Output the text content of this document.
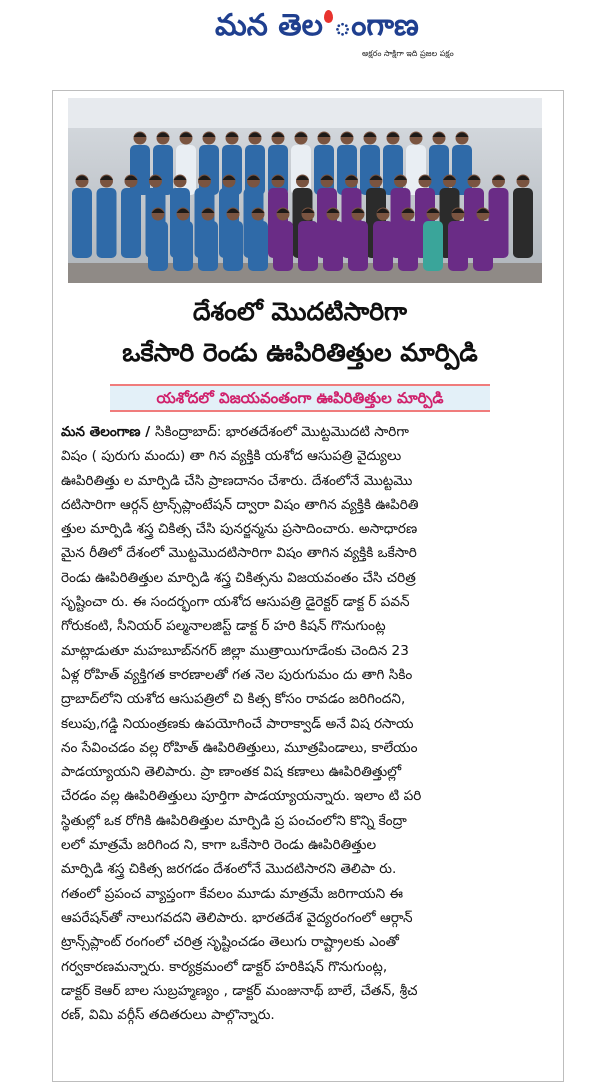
మన తెల ంగాణ
అక్షరం సాక్షిగా ఇది ప్రజల పక్షం
దేశంలో మొదటిసారిగా
ఒకేసారి రెండు ఊపిరితిత్తుల మార్పిడి
యశోదలో విజయవంతంగా ఊపిరితిత్తుల మార్పిడి
మన తెలంగాణ / సికింద్రాబాద్: భారతదేశంలో మొట్టమొదటి సారిగా
విషం ( పురుగు మందు) తా గిన వ్యక్తికి యశోద ఆసుపత్రి వైద్యులు
ఊపిరితిత్తు ల మార్పిడి చేసి ప్రాణదానం చేశారు. దేశంలోనే మొట్టమొ
దటిసారిగా ఆర్గన్ ట్రాన్స్‌ప్లాంటేషన్ ద్వారా విషం తాగిన వ్యక్తికి ఊపిరితి
త్తుల మార్పిడి శస్త్ర చికిత్స చేసి పునర్జన్మను ప్రసాదించారు. అసాధారణ
మైన రీతిలో దేశంలో మొట్టమొదటిసారిగా విషం తాగిన వ్యక్తికి ఒకేసారి
రెండు ఊపిరితిత్తుల మార్పిడి శస్త్ర చికిత్సను విజయవంతం చేసి చరిత్ర
సృష్టించా రు. ఈ సందర్భంగా యశోద ఆసుపత్రి డైరెక్టర్ డాక్ట ర్ పవన్
గోరుకంటి, సీనియర్ పల్మనాలజిస్ట్ డాక్ట ర్ హరి కిషన్ గొనుగుంట్ల
మాట్లాడుతూ మహబూబ్‌నగర్ జిల్లా ముత్రాయిగూడేంకు చెందిన 23
ఏళ్ల రోహిత్ వ్యక్తిగత కారణాలతో గత నెల పురుగుమం దు తాగి సికిం
ద్రాబాద్‌లోని యశోద ఆసుపత్రిలో చి కిత్స కోసం రావడం జరిగిందని,
కలుపు,గడ్డి నియంత్రణకు ఉపయోగించే పారాక్వాడ్ అనే విష రసాయ
నం సేవించడం వల్ల రోహిత్ ఊపిరితిత్తులు, మూత్రపిండాలు, కాలేయం
పాడయ్యాయని తెలిపారు. ప్రా ణాంతక విష కణాలు ఊపిరితిత్తుల్లో
చేరడం వల్ల ఊపిరితిత్తులు పూర్తిగా పాడయ్యాయన్నారు. ఇలాం టి పరి
స్థితుల్లో ఒక రోగికి ఊపిరితిత్తుల మార్పిడి ప్ర పంచంలోని కొన్ని కేంద్రా
లలో మాత్రమే జరిగింద ని, కాగా ఒకేసారి రెండు ఊపిరితిత్తుల
మార్పిడి శస్త్ర చికిత్స జరగడం దేశంలోనే మొదటిసారని తెలిపా రు.
గతంలో ప్రపంచ వ్యాప్తంగా కేవలం మూడు మాత్రమే జరిగాయని ఈ
ఆపరేషన్‌తో నాలుగవదని తెలిపారు. భారతదేశ వైద్యరంగంలో ఆర్గాన్
ట్రాన్స్‌ప్లాంట్ రంగంలో చరిత్ర సృష్టించడం తెలుగు రాష్ట్రాలకు ఎంతో
గర్వకారణమన్నారు. కార్యక్రమంలో డాక్టర్ హరికిషన్ గొనుగుంట్ల,
డాక్టర్ కెఆర్ బాల సుబ్రహ్మణ్యం , డాక్టర్ మంజునాథ్ బాలే, చేతన్, శ్రీచ
రణ్, విమి వర్గీస్ తదితరులు పాల్గొన్నారు.
